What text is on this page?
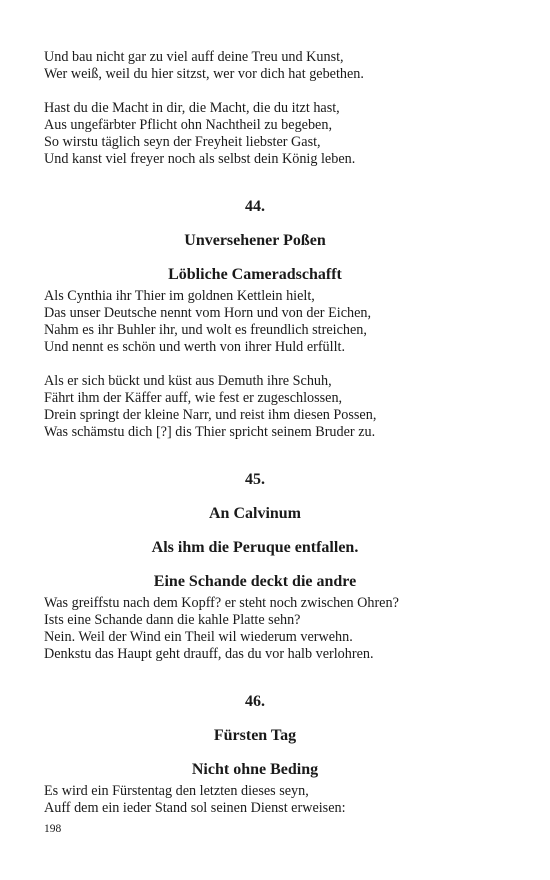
Und bau nicht gar zu viel auff deine Treu und Kunst,
Wer weiß, weil du hier sitzst, wer vor dich hat gebethen.
Hast du die Macht in dir, die Macht, die du itzt hast,
Aus ungefärbter Pflicht ohn Nachtheil zu begeben,
So wirstu täglich seyn der Freyheit liebster Gast,
Und kanst viel freyer noch als selbst dein König leben.
44.
Unversehener Poßen
Löbliche Cameradschafft
Als Cynthia ihr Thier im goldnen Kettlein hielt,
Das unser Deutsche nennt vom Horn und von der Eichen,
Nahm es ihr Buhler ihr, und wolt es freundlich streichen,
Und nennt es schön und werth von ihrer Huld erfüllt.
Als er sich bückt und küst aus Demuth ihre Schuh,
Fährt ihm der Käffer auff, wie fest er zugeschlossen,
Drein springt der kleine Narr, und reist ihm diesen Possen,
Was schämstu dich [?] dis Thier spricht seinem Bruder zu.
45.
An Calvinum
Als ihm die Peruque entfallen.
Eine Schande deckt die andre
Was greiffstu nach dem Kopff? er steht noch zwischen Ohren?
Ists eine Schande dann die kahle Platte sehn?
Nein. Weil der Wind ein Theil wil wiederum verwehn.
Denkstu das Haupt geht drauff, das du vor halb verlohren.
46.
Fürsten Tag
Nicht ohne Beding
Es wird ein Fürstentag den letzten dieses seyn,
Auff dem ein ieder Stand sol seinen Dienst erweisen:
198
